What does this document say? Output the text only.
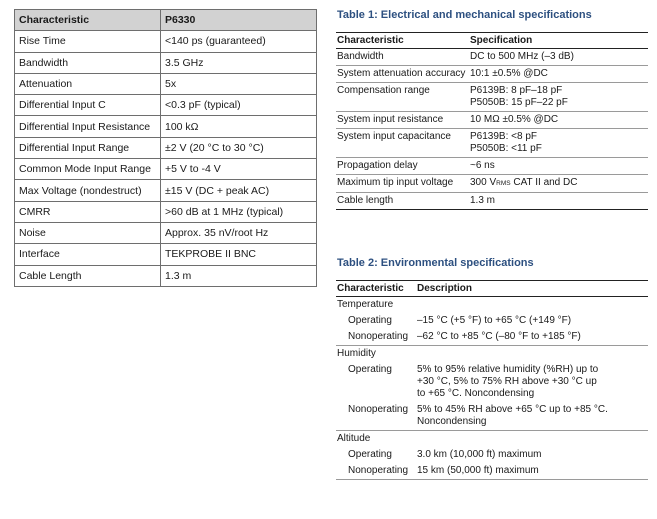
Characteristic	P6330
Rise Time	<140 ps (guaranteed)
Bandwidth	3.5 GHz
Attenuation	5x
Differential Input C	<0.3 pF (typical)
Differential Input Resistance	100 kΩ
Differential Input Range	±2 V (20 °C to 30 °C)
Common Mode Input Range	+5 V to -4 V
Max Voltage (nondestruct)	±15 V (DC + peak AC)
CMRR	>60 dB at 1 MHz (typical)
Noise	Approx. 35 nV/root Hz
Interface	TEKPROBE II BNC
Cable Length	1.3 m
Table 1: Electrical and mechanical specifications
Characteristic	Specification
Bandwidth	DC to 500 MHz (–3 dB)

System attenuation accuracy	10:1 ±0.5% @DC

Compensation range	P6139B: 8 pF–18 pF
P5050B: 15 pF–22 pF

System input resistance	10 MΩ ±0.5% @DC

System input capacitance	P6139B: <8 pF
P5050B: <11 pF

Propagation delay	~6 ns

Maximum tip input voltage	300 VRMS CAT II and DC

Cable length	1.3 m
Table 2: Environmental specifications
Characteristic	Description
Temperature	
Operating	–15 °C (+5 °F) to +65 °C (+149 °F)

Nonoperating	–62 °C to +85 °C (–80 °F to +185 °F)

Humidity	
Operating	5% to 95% relative humidity (%RH) up to
+30 °C, 5% to 75% RH above +30 °C up
to +65 °C. Noncondensing

Nonoperating	5% to 45% RH above +65 °C up to +85 °C.
Noncondensing

Altitude	
Operating	3.0 km (10,000 ft) maximum

Nonoperating	15 km (50,000 ft) maximum
